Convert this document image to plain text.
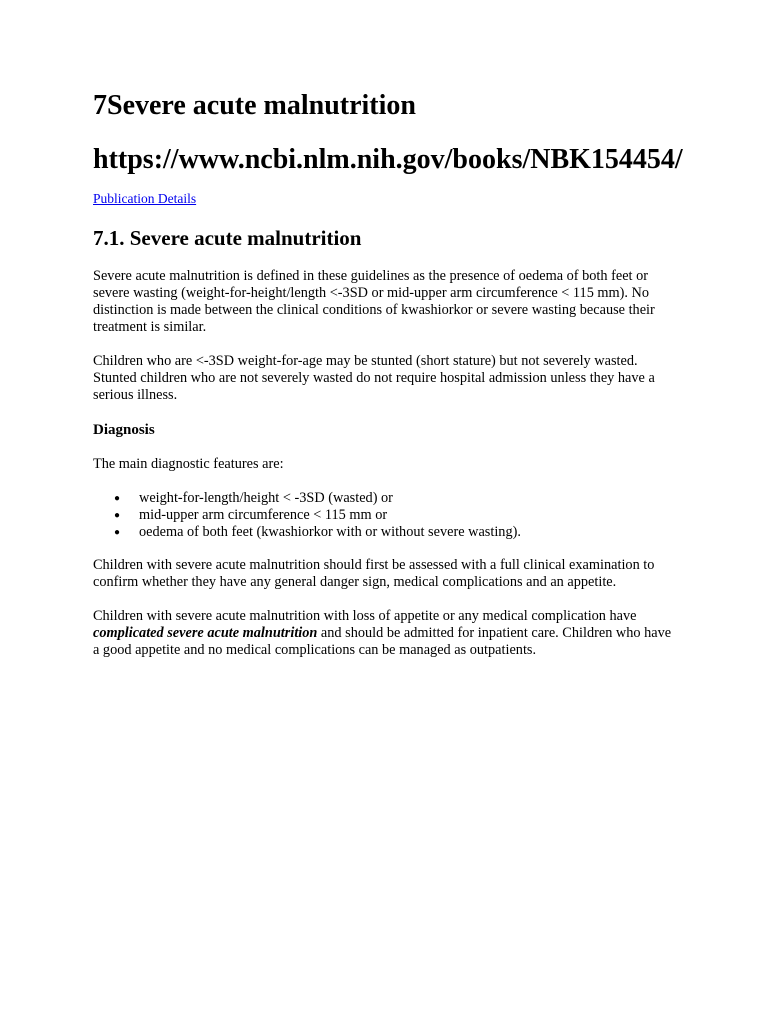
7Severe acute malnutrition
https://www.ncbi.nlm.nih.gov/books/NBK154454/
Publication Details
7.1. Severe acute malnutrition

Severe acute malnutrition is defined in these guidelines as the presence of oedema of both feet or severe wasting (weight-for-height/length <-3SD or mid-upper arm circumference < 115 mm). No distinction is made between the clinical conditions of kwashiorkor or severe wasting because their treatment is similar.

Children who are <-3SD weight-for-age may be stunted (short stature) but not severely wasted. Stunted children who are not severely wasted do not require hospital admission unless they have a serious illness.

Diagnosis

The main diagnostic features are:

● weight-for-length/height < -3SD (wasted) or
● mid-upper arm circumference < 115 mm or
● oedema of both feet (kwashiorkor with or without severe wasting).

Children with severe acute malnutrition should first be assessed with a full clinical examination to confirm whether they have any general danger sign, medical complications and an appetite.

Children with severe acute malnutrition with loss of appetite or any medical complication have complicated severe acute malnutrition and should be admitted for inpatient care. Children who have a good appetite and no medical complications can be managed as outpatients.
